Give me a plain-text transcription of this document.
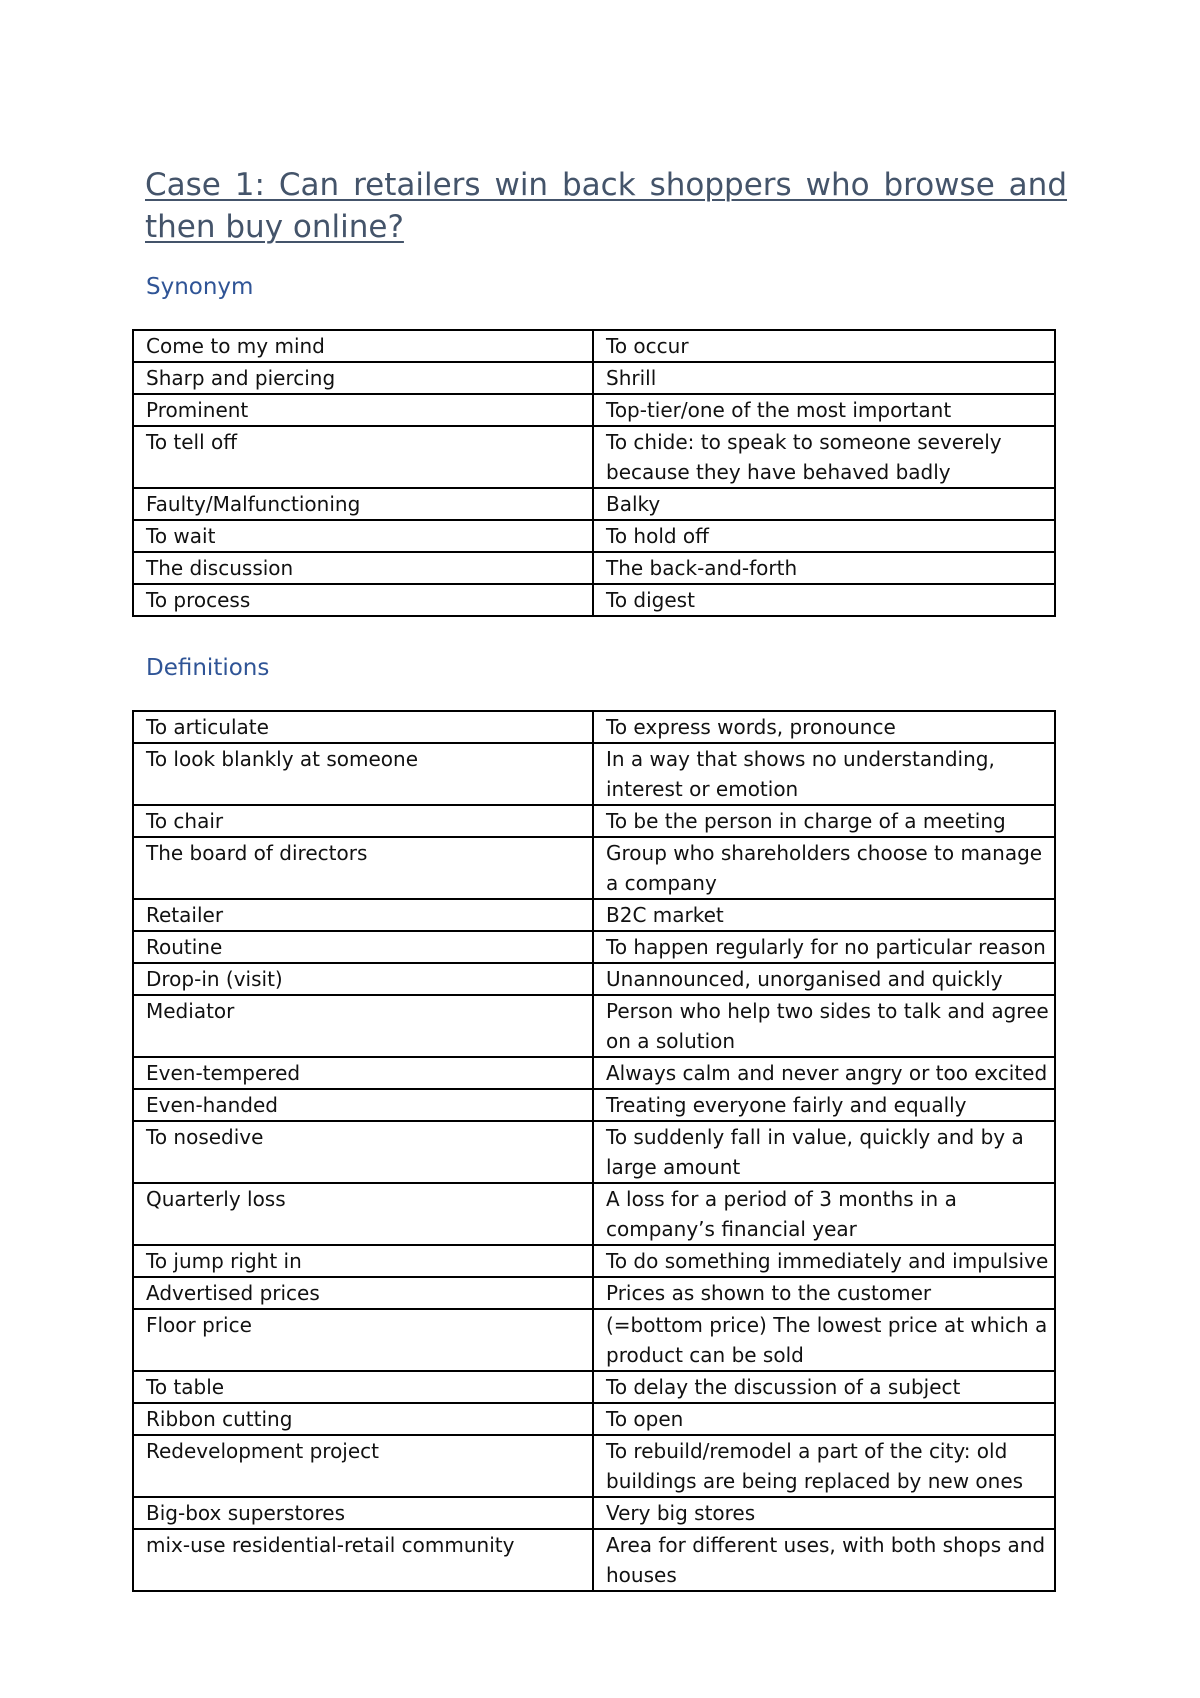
Case 1: Can retailers win back shoppers who browse and then buy online?
Synonym
Come to my mind	To occur
Sharp and piercing	Shrill
Prominent	Top-tier/one of the most important
To tell off	To chide: to speak to someone severely because they have behaved badly
Faulty/Malfunctioning	Balky
To wait	To hold off
The discussion	The back-and-forth
To process	To digest
Definitions
To articulate	To express words, pronounce
To look blankly at someone	In a way that shows no understanding, interest or emotion
To chair	To be the person in charge of a meeting
The board of directors	Group who shareholders choose to manage a company
Retailer	B2C market
Routine	To happen regularly for no particular reason
Drop-in (visit)	Unannounced, unorganised and quickly
Mediator	Person who help two sides to talk and agree on a solution
Even-tempered	Always calm and never angry or too excited
Even-handed	Treating everyone fairly and equally
To nosedive	To suddenly fall in value, quickly and by a large amount
Quarterly loss	A loss for a period of 3 months in a company’s financial year
To jump right in	To do something immediately and impulsive
Advertised prices	Prices as shown to the customer
Floor price	(=bottom price) The lowest price at which a product can be sold
To table	To delay the discussion of a subject
Ribbon cutting	To open
Redevelopment project	To rebuild/remodel a part of the city: old buildings are being replaced by new ones
Big-box superstores	Very big stores
mix-use residential-retail community	Area for different uses, with both shops and houses
